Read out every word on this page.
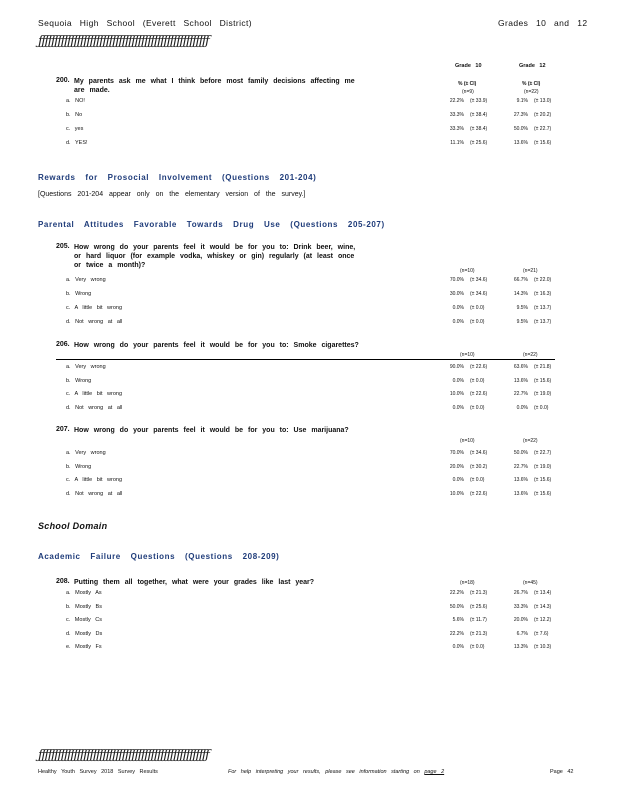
Sequoia High School (Everett School District)	Grades 10 and 12
ƒƒƒƒƒƒƒƒƒƒƒƒƒƒƒƒƒƒƒƒƒƒƒƒƒƒƒƒƒƒƒƒƒƒƒƒƒƒƒƒƒƒƒƒƒƒƒƒƒƒƒƒƒ
Grade 10	Grade 12
200. My parents ask me what I think before most family decisions affecting me are made.
% (± CI)	% (± CI)
(n=9)	(n=22)
a. NO!	22.2% (± 33.9)	9.1% (± 13.0)
b. No	33.3% (± 38.4)	27.3% (± 20.2)
c. yes	33.3% (± 38.4)	50.0% (± 22.7)
d. YES!	11.1% (± 25.6)	13.6% (± 15.6)
Rewards for Prosocial Involvement (Questions 201-204)
[Questions 201-204 appear only on the elementary version of the survey.]
Parental Attitudes Favorable Towards Drug Use (Questions 205-207)
205. How wrong do your parents feel it would be for you to: Drink beer, wine, or hard liquor (for example vodka, whiskey or gin) regularly (at least once or twice a month)?
(n=10)	(n=21)
a. Very wrong	70.0% (± 34.6)	66.7% (± 22.0)
b. Wrong	30.0% (± 34.6)	14.3% (± 16.3)
c. A little bit wrong	0.0% (± 0.0)	9.5% (± 13.7)
d. Not wrong at all	0.0% (± 0.0)	9.5% (± 13.7)
206. How wrong do your parents feel it would be for you to: Smoke cigarettes?
(n=10)	(n=22)
a. Very wrong	90.0% (± 22.6)	63.6% (± 21.8)
b. Wrong	0.0% (± 0.0)	13.6% (± 15.6)
c. A little bit wrong	10.0% (± 22.6)	22.7% (± 19.0)
d. Not wrong at all	0.0% (± 0.0)	0.0% (± 0.0)
207. How wrong do your parents feel it would be for you to: Use marijuana?
(n=10)	(n=22)
a. Very wrong	70.0% (± 34.6)	50.0% (± 22.7)
b. Wrong	20.0% (± 30.2)	22.7% (± 19.0)
c. A little bit wrong	0.0% (± 0.0)	13.6% (± 15.6)
d. Not wrong at all	10.0% (± 22.6)	13.6% (± 15.6)
School Domain
Academic Failure Questions (Questions 208-209)
208. Putting them all together, what were your grades like last year?	(n=18)	(n=45)
a. Mostly As	22.2% (± 21.3)	26.7% (± 13.4)
b. Mostly Bs	50.0% (± 25.6)	33.3% (± 14.3)
c. Mostly Cs	5.6% (± 11.7)	20.0% (± 12.2)
d. Mostly Ds	22.2% (± 21.3)	6.7% (± 7.6)
e. Mostly Fs	0.0% (± 0.0)	13.3% (± 10.3)
ƒƒƒƒƒƒƒƒƒƒƒƒƒƒƒƒƒƒƒƒƒƒƒƒƒƒƒƒƒƒƒƒƒƒƒƒƒƒƒƒƒƒƒƒƒƒƒƒƒƒƒƒƒ
Healthy Youth Survey 2018 Survey Results	For help interpreting your results, please see information starting on page 2	Page 42
